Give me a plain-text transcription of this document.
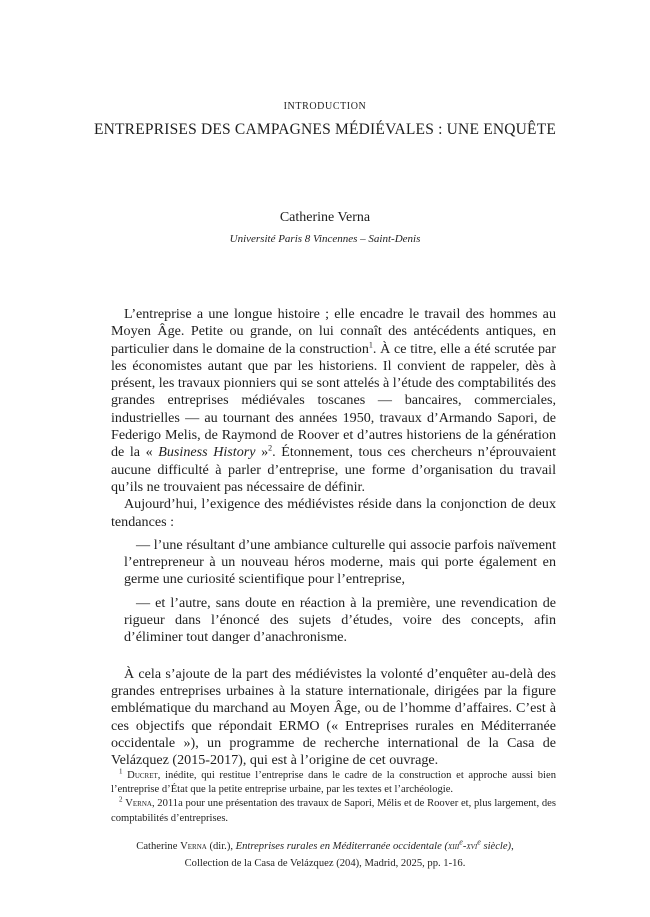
INTRODUCTION
ENTREPRISES DES CAMPAGNES MÉDIÉVALES : UNE ENQUÊTE
Catherine Verna
Université Paris 8 Vincennes – Saint-Denis

L’entreprise a une longue histoire ; elle encadre le travail des hommes au Moyen Âge. Petite ou grande, on lui connaît des antécédents antiques, en particulier dans le domaine de la construction$^1$. À ce titre, elle a été scrutée par les économistes autant que par les historiens. Il convient de rappeler, dès à présent, les travaux pionniers qui se sont attelés à l’étude des comptabilités des grandes entreprises médiévales toscanes — bancaires, commerciales, industrielles — au tournant des années 1950, travaux d’Armando Sapori, de Federigo Melis, de Raymond de Roover et d’autres historiens de la génération de la « Business History »$^2$. Étonnement, tous ces chercheurs n’éprouvaient aucune difficulté à parler d’entreprise, une forme d’organisation du travail qu’ils ne trouvaient pas nécessaire de définir.

Aujourd’hui, l’exigence des médiévistes réside dans la conjonction de deux tendances :

— l’une résultant d’une ambiance culturelle qui associe parfois naïvement l’entrepreneur à un nouveau héros moderne, mais qui porte également en germe une curiosité scientifique pour l’entreprise,

— et l’autre, sans doute en réaction à la première, une revendication de rigueur dans l’énoncé des sujets d’études, voire des concepts, afin d’éliminer tout danger d’anachronisme.

À cela s’ajoute de la part des médiévistes la volonté d’enquêter au-delà des grandes entreprises urbaines à la stature internationale, dirigées par la figure emblématique du marchand au Moyen Âge, ou de l’homme d’affaires. C’est à ces objectifs que répondait ERMO (« Entreprises rurales en Méditerranée occidentale »), un programme de recherche international de la Casa de Velázquez (2015-2017), qui est à l’origine de cet ouvrage.

$^1$ Ducret, inédite, qui restitue l’entreprise dans le cadre de la construction et approche aussi bien l’entreprise d’État que la petite entreprise urbaine, par les textes et l’archéologie.

$^2$ Verna, 2011a pour une présentation des travaux de Sapori, Mélis et de Roover et, plus largement, des comptabilités d’entreprises.

Catherine Verna (dir.), Entreprises rurales en Méditerranée occidentale (xiii$^e$-xvi$^e$ siècle),
Collection de la Casa de Velázquez (204), Madrid, 2025, pp. 1-16.
